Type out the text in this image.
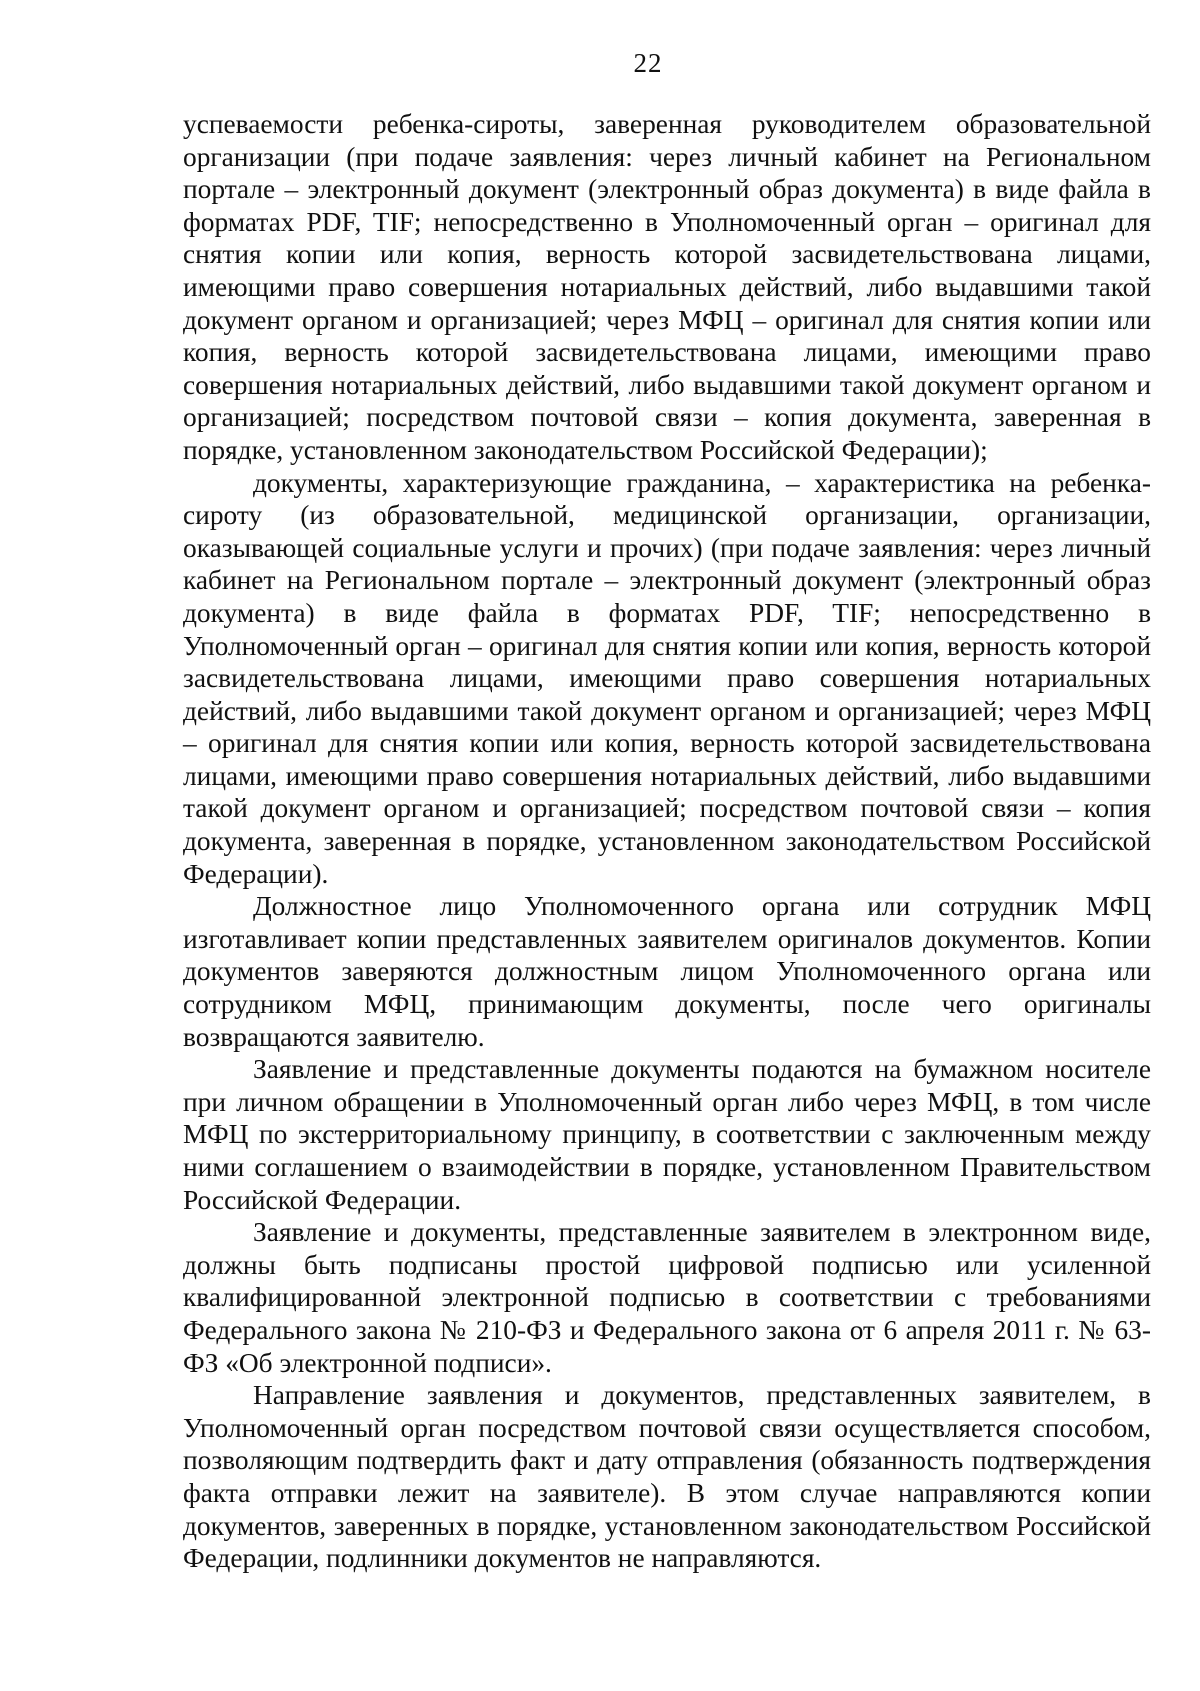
22

успеваемости ребенка-сироты, заверенная руководителем образовательной организации (при подаче заявления: через личный кабинет на Региональном портале – электронный документ (электронный образ документа) в виде файла в форматах PDF, TIF; непосредственно в Уполномоченный орган – оригинал для снятия копии или копия, верность которой засвидетельствована лицами, имеющими право совершения нотариальных действий, либо выдавшими такой документ органом и организацией; через МФЦ – оригинал для снятия копии или копия, верность которой засвидетельствована лицами, имеющими право совершения нотариальных действий, либо выдавшими такой документ органом и организацией; посредством почтовой связи – копия документа, заверенная в порядке, установленном законодательством Российской Федерации);

документы, характеризующие гражданина, – характеристика на ребенка-сироту (из образовательной, медицинской организации, организации, оказывающей социальные услуги и прочих) (при подаче заявления: через личный кабинет на Региональном портале – электронный документ (электронный образ документа) в виде файла в форматах PDF, TIF; непосредственно в Уполномоченный орган – оригинал для снятия копии или копия, верность которой засвидетельствована лицами, имеющими право совершения нотариальных действий, либо выдавшими такой документ органом и организацией; через МФЦ – оригинал для снятия копии или копия, верность которой засвидетельствована лицами, имеющими право совершения нотариальных действий, либо выдавшими такой документ органом и организацией; посредством почтовой связи – копия документа, заверенная в порядке, установленном законодательством Российской Федерации).

Должностное лицо Уполномоченного органа или сотрудник МФЦ изготавливает копии представленных заявителем оригиналов документов. Копии документов заверяются должностным лицом Уполномоченного органа или сотрудником МФЦ, принимающим документы, после чего оригиналы возвращаются заявителю.

Заявление и представленные документы подаются на бумажном носителе при личном обращении в Уполномоченный орган либо через МФЦ, в том числе МФЦ по экстерриториальному принципу, в соответствии с заключенным между ними соглашением о взаимодействии в порядке, установленном Правительством Российской Федерации.

Заявление и документы, представленные заявителем в электронном виде, должны быть подписаны простой цифровой подписью или усиленной квалифицированной электронной подписью в соответствии с требованиями Федерального закона № 210-ФЗ и Федерального закона от 6 апреля 2011 г. № 63-ФЗ «Об электронной подписи».

Направление заявления и документов, представленных заявителем, в Уполномоченный орган посредством почтовой связи осуществляется способом, позволяющим подтвердить факт и дату отправления (обязанность подтверждения факта отправки лежит на заявителе). В этом случае направляются копии документов, заверенных в порядке, установленном законодательством Российской Федерации, подлинники документов не направляются.
